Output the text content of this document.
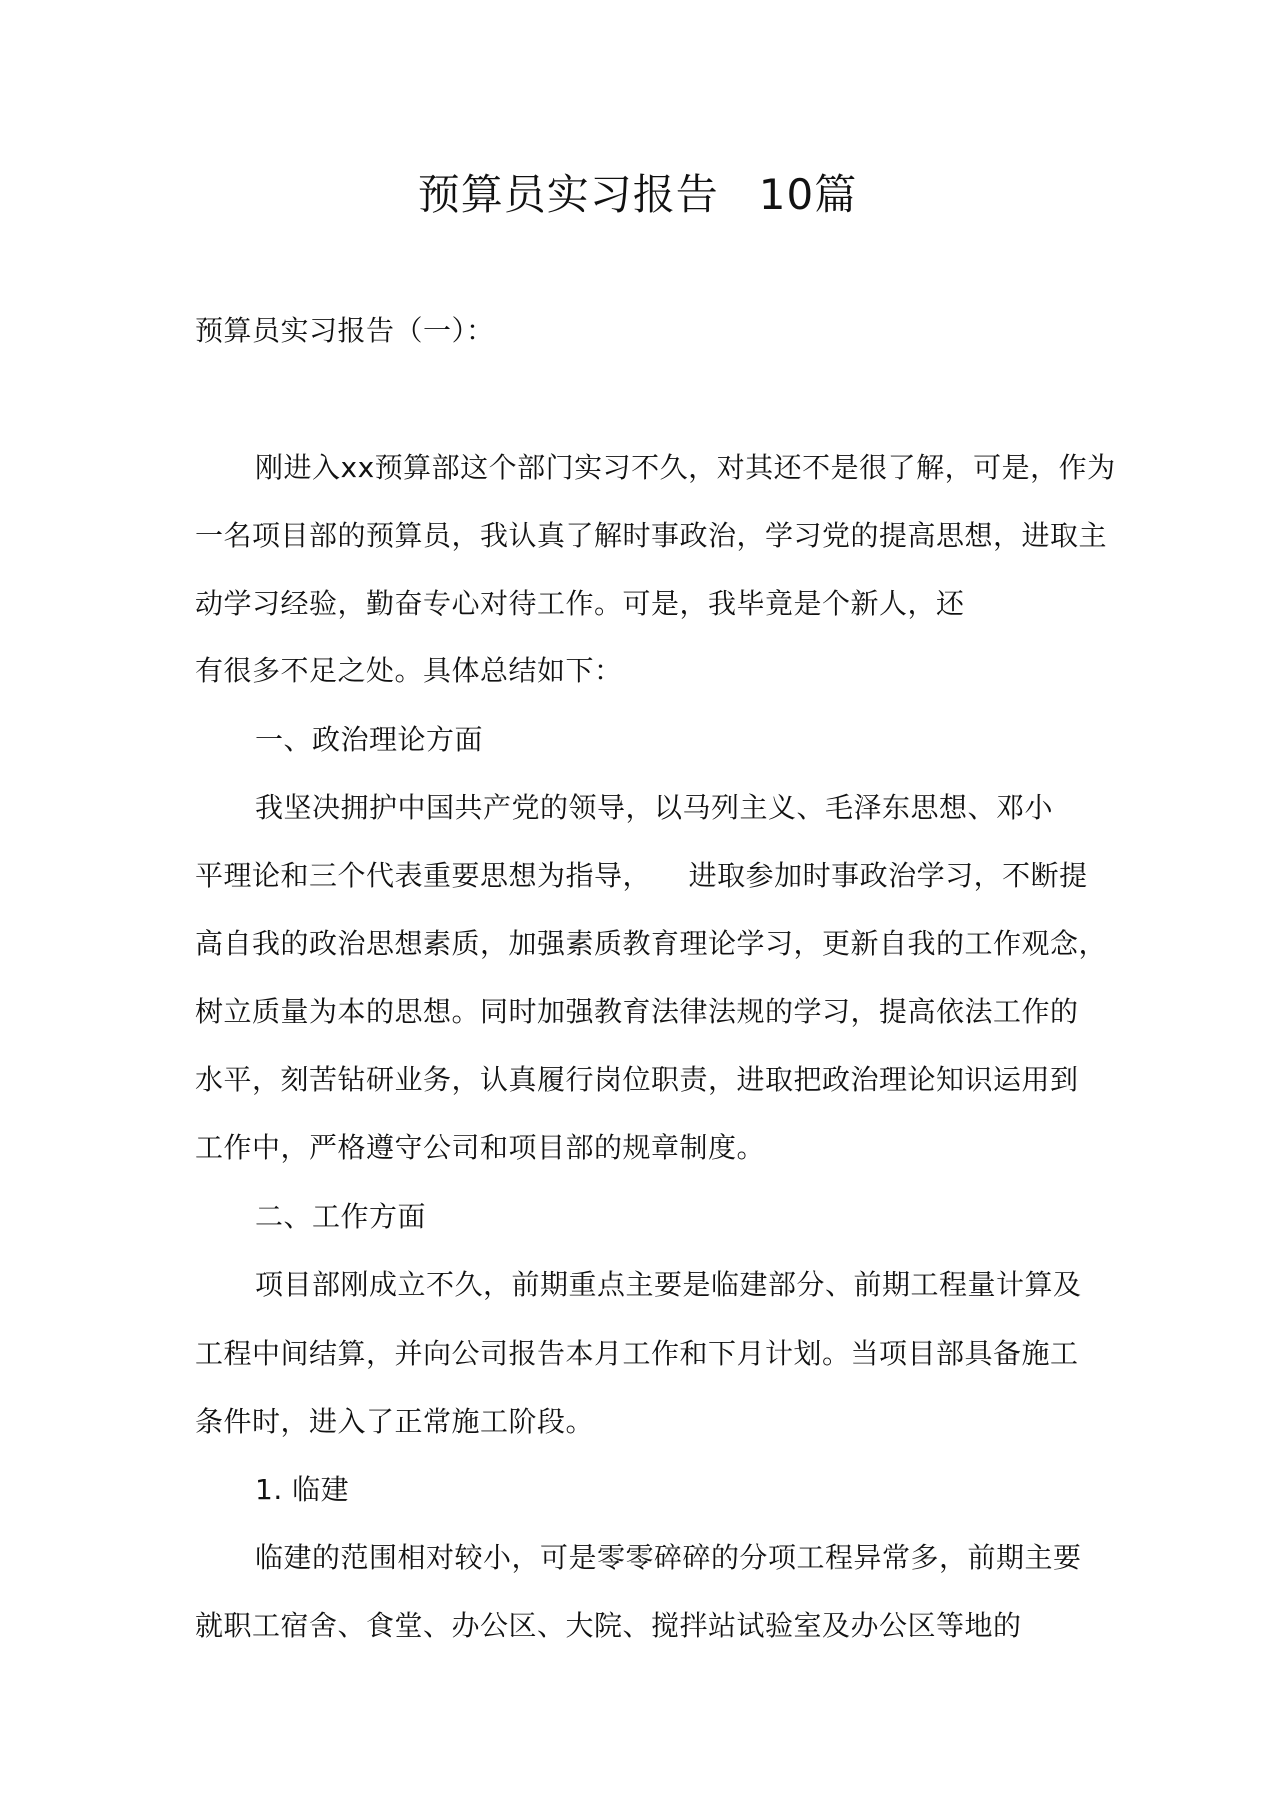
预算员实习报告 10篇
预算员实习报告（一）：
刚进入xx预算部这个部门实习不久，对其还不是很了解，可是，作为
一名项目部的预算员，我认真了解时事政治，学习党的提高思想，进取主
动学习经验，勤奋专心对待工作。可是，我毕竟是个新人，还
有很多不足之处。具体总结如下：
一、政治理论方面
我坚决拥护中国共产党的领导，以马列主义、毛泽东思想、邓小
平理论和三个代表重要思想为指导，    进取参加时事政治学习，不断提
高自我的政治思想素质，加强素质教育理论学习，更新自我的工作观念，
树立质量为本的思想。同时加强教育法律法规的学习，提高依法工作的
水平，刻苦钻研业务，认真履行岗位职责，进取把政治理论知识运用到
工作中，严格遵守公司和项目部的规章制度。
二、工作方面
项目部刚成立不久，前期重点主要是临建部分、前期工程量计算及
工程中间结算，并向公司报告本月工作和下月计划。当项目部具备施工
条件时，进入了正常施工阶段。
1. 临建
临建的范围相对较小，可是零零碎碎的分项工程异常多，前期主要
就职工宿舍、食堂、办公区、大院、搅拌站试验室及办公区等地的
